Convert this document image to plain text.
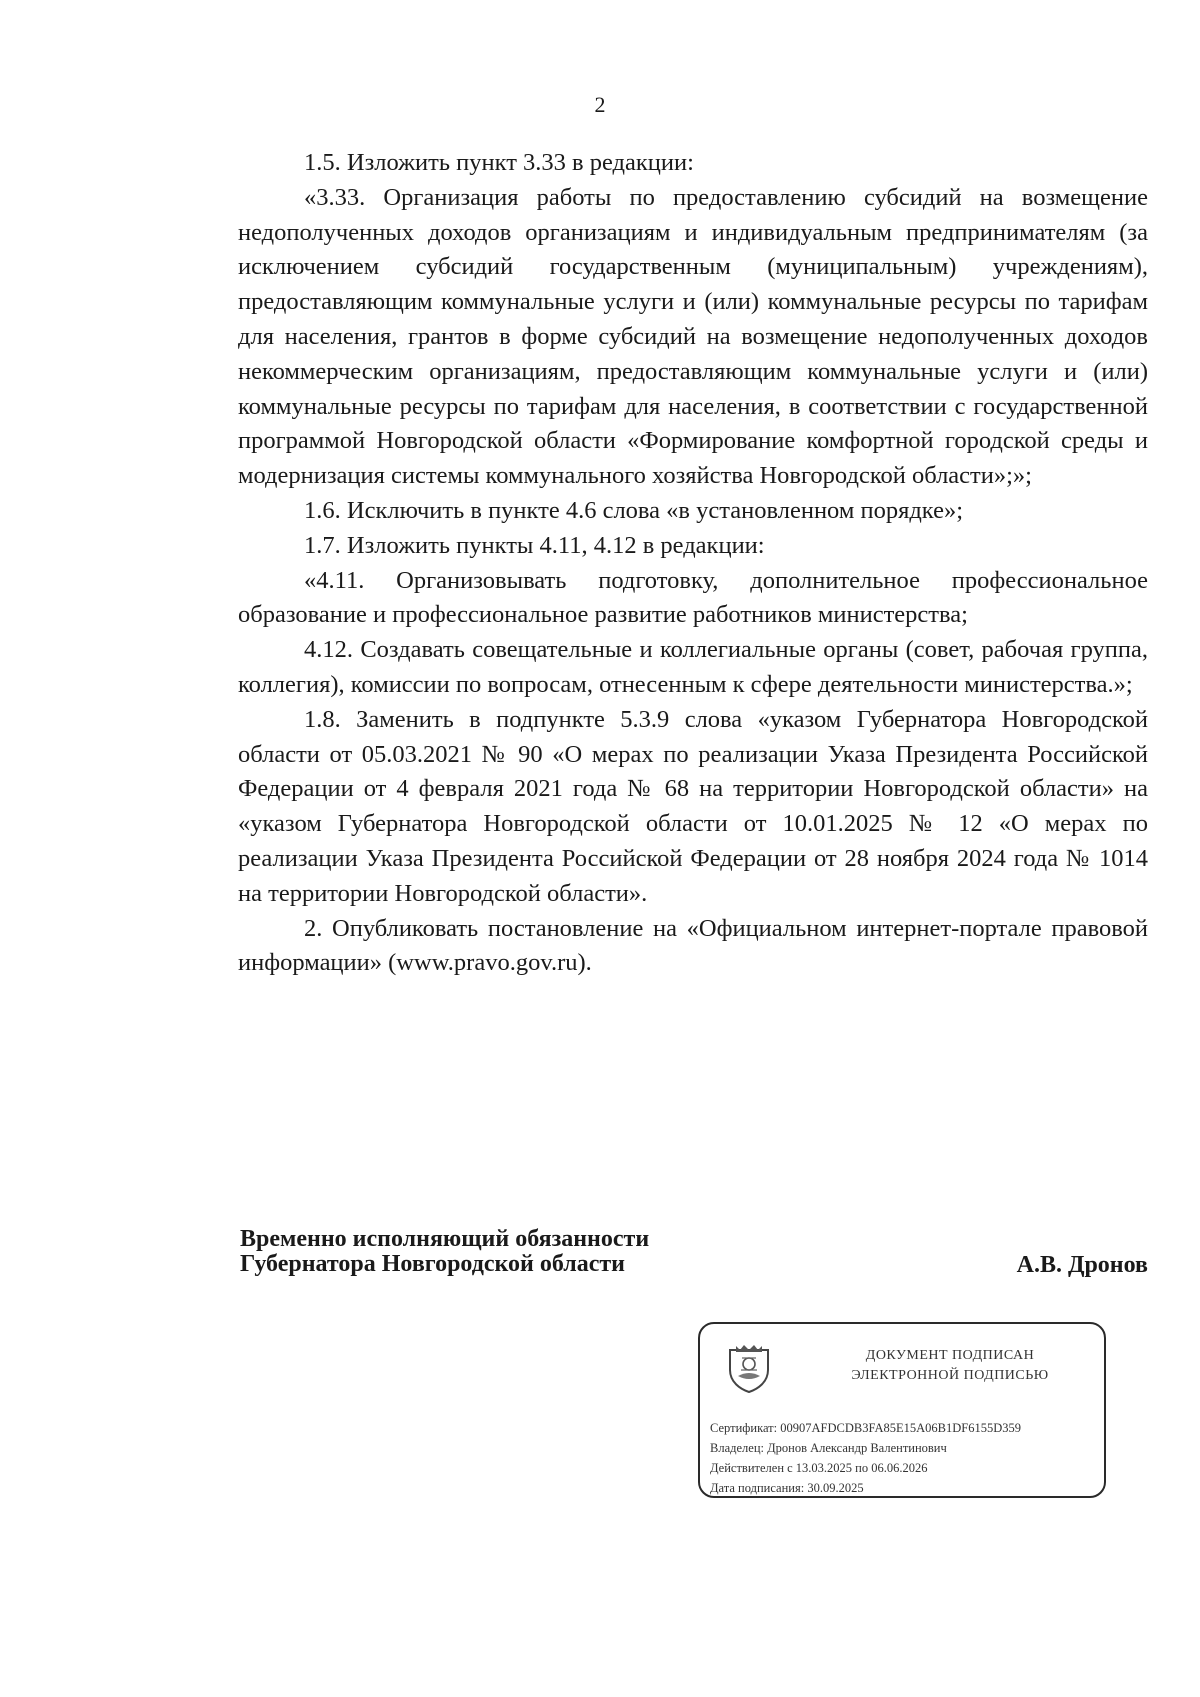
2

1.5. Изложить пункт 3.33 в редакции:

«3.33. Организация работы по предоставлению субсидий на возмещение недополученных доходов организациям и индивидуальным предпринимателям (за исключением субсидий государственным (муниципальным) учреждениям), предоставляющим коммунальные услуги и (или) коммунальные ресурсы по тарифам для населения, грантов в форме субсидий на возмещение недополученных доходов некоммерческим организациям, предоставляющим коммунальные услуги и (или) коммунальные ресурсы по тарифам для населения, в соответствии с государственной программой Новгородской области «Формирование комфортной городской среды и модернизация системы коммунального хозяйства Новгородской области»;»;

1.6. Исключить в пункте 4.6 слова «в установленном порядке»;

1.7. Изложить пункты 4.11, 4.12 в редакции:

«4.11. Организовывать подготовку, дополнительное профессиональное образование и профессиональное развитие работников министерства;

4.12. Создавать совещательные и коллегиальные органы (совет, рабочая группа, коллегия), комиссии по вопросам, отнесенным к сфере деятельности министерства.»;

1.8. Заменить в подпункте 5.3.9 слова «указом Губернатора Новгородской области от 05.03.2021 № 90 «О мерах по реализации Указа Президента Российской Федерации от 4 февраля 2021 года № 68 на территории Новгородской области» на «указом Губернатора Новгородской области от 10.01.2025 № 12 «О мерах по реализации Указа Президента Российской Федерации от 28 ноября 2024 года № 1014 на территории Новгородской области».

2. Опубликовать постановление на «Официальном интернет-портале правовой информации» (www.pravo.gov.ru).

Временно исполняющий обязанности
Губернатора Новгородской области	А.В. Дронов
ДОКУМЕНТ ПОДПИСАН
ЭЛЕКТРОННОЙ ПОДПИСЬЮ
Сертификат: 00907AFDCDB3FA85E15A06B1DF6155D359
Владелец: Дронов Александр Валентинович
Действителен с 13.03.2025 по 06.06.2026
Дата подписания: 30.09.2025
